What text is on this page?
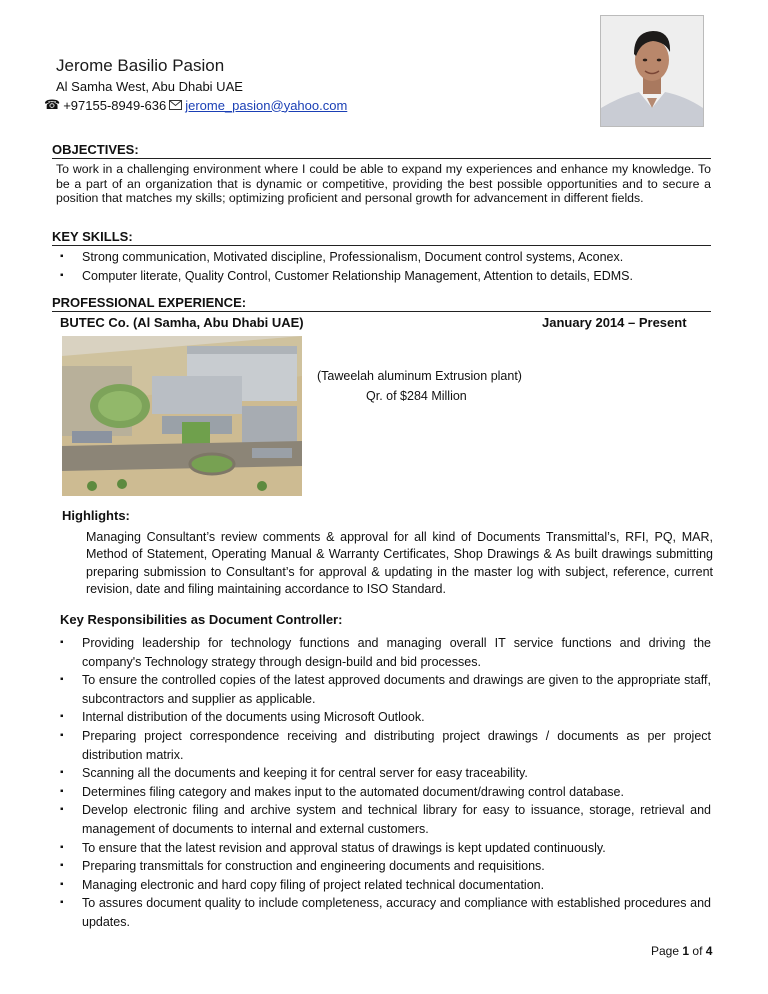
Jerome Basilio Pasion
Al Samha West, Abu Dhabi UAE
☎ +97155-8949-636 jerome_pasion@yahoo.com
OBJECTIVES:
To work in a challenging environment where I could be able to expand my experiences and enhance my knowledge. To be a part of an organization that is dynamic or competitive, providing the best possible opportunities and to secure a position that matches my skills; optimizing proficient and personal growth for advancement in different fields.
KEY SKILLS:
▪ Strong communication, Motivated discipline, Professionalism, Document control systems, Aconex.
▪ Computer literate, Quality Control, Customer Relationship Management, Attention to details, EDMS.
PROFESSIONAL EXPERIENCE:
BUTEC Co. (Al Samha, Abu Dhabi UAE)	January 2014 – Present
(Taweelah aluminum Extrusion plant)
Qr. of $284 Million
Highlights:
Managing Consultant’s review comments & approval for all kind of Documents Transmittal’s, RFI, PQ, MAR, Method of Statement, Operating Manual & Warranty Certificates, Shop Drawings & As built drawings submitting preparing submission to Consultant’s for approval & updating in the master log with subject, reference, current revision, date and filing maintaining accordance to ISO Standard.
Key Responsibilities as Document Controller:
▪ Providing leadership for technology functions and managing overall IT service functions and driving the company's Technology strategy through design-build and bid processes.
▪ To ensure the controlled copies of the latest approved documents and drawings are given to the appropriate staff, subcontractors and supplier as applicable.
▪ Internal distribution of the documents using Microsoft Outlook.
▪ Preparing project correspondence receiving and distributing project drawings / documents as per project distribution matrix.
▪ Scanning all the documents and keeping it for central server for easy traceability.
▪ Determines filing category and makes input to the automated document/drawing control database.
▪ Develop electronic filing and archive system and technical library for easy to issuance, storage, retrieval and management of documents to internal and external customers.
▪ To ensure that the latest revision and approval status of drawings is kept updated continuously.
▪ Preparing transmittals for construction and engineering documents and requisitions.
▪ Managing electronic and hard copy filing of project related technical documentation.
▪ To assures document quality to include completeness, accuracy and compliance with established procedures and updates.
Page 1 of 4
